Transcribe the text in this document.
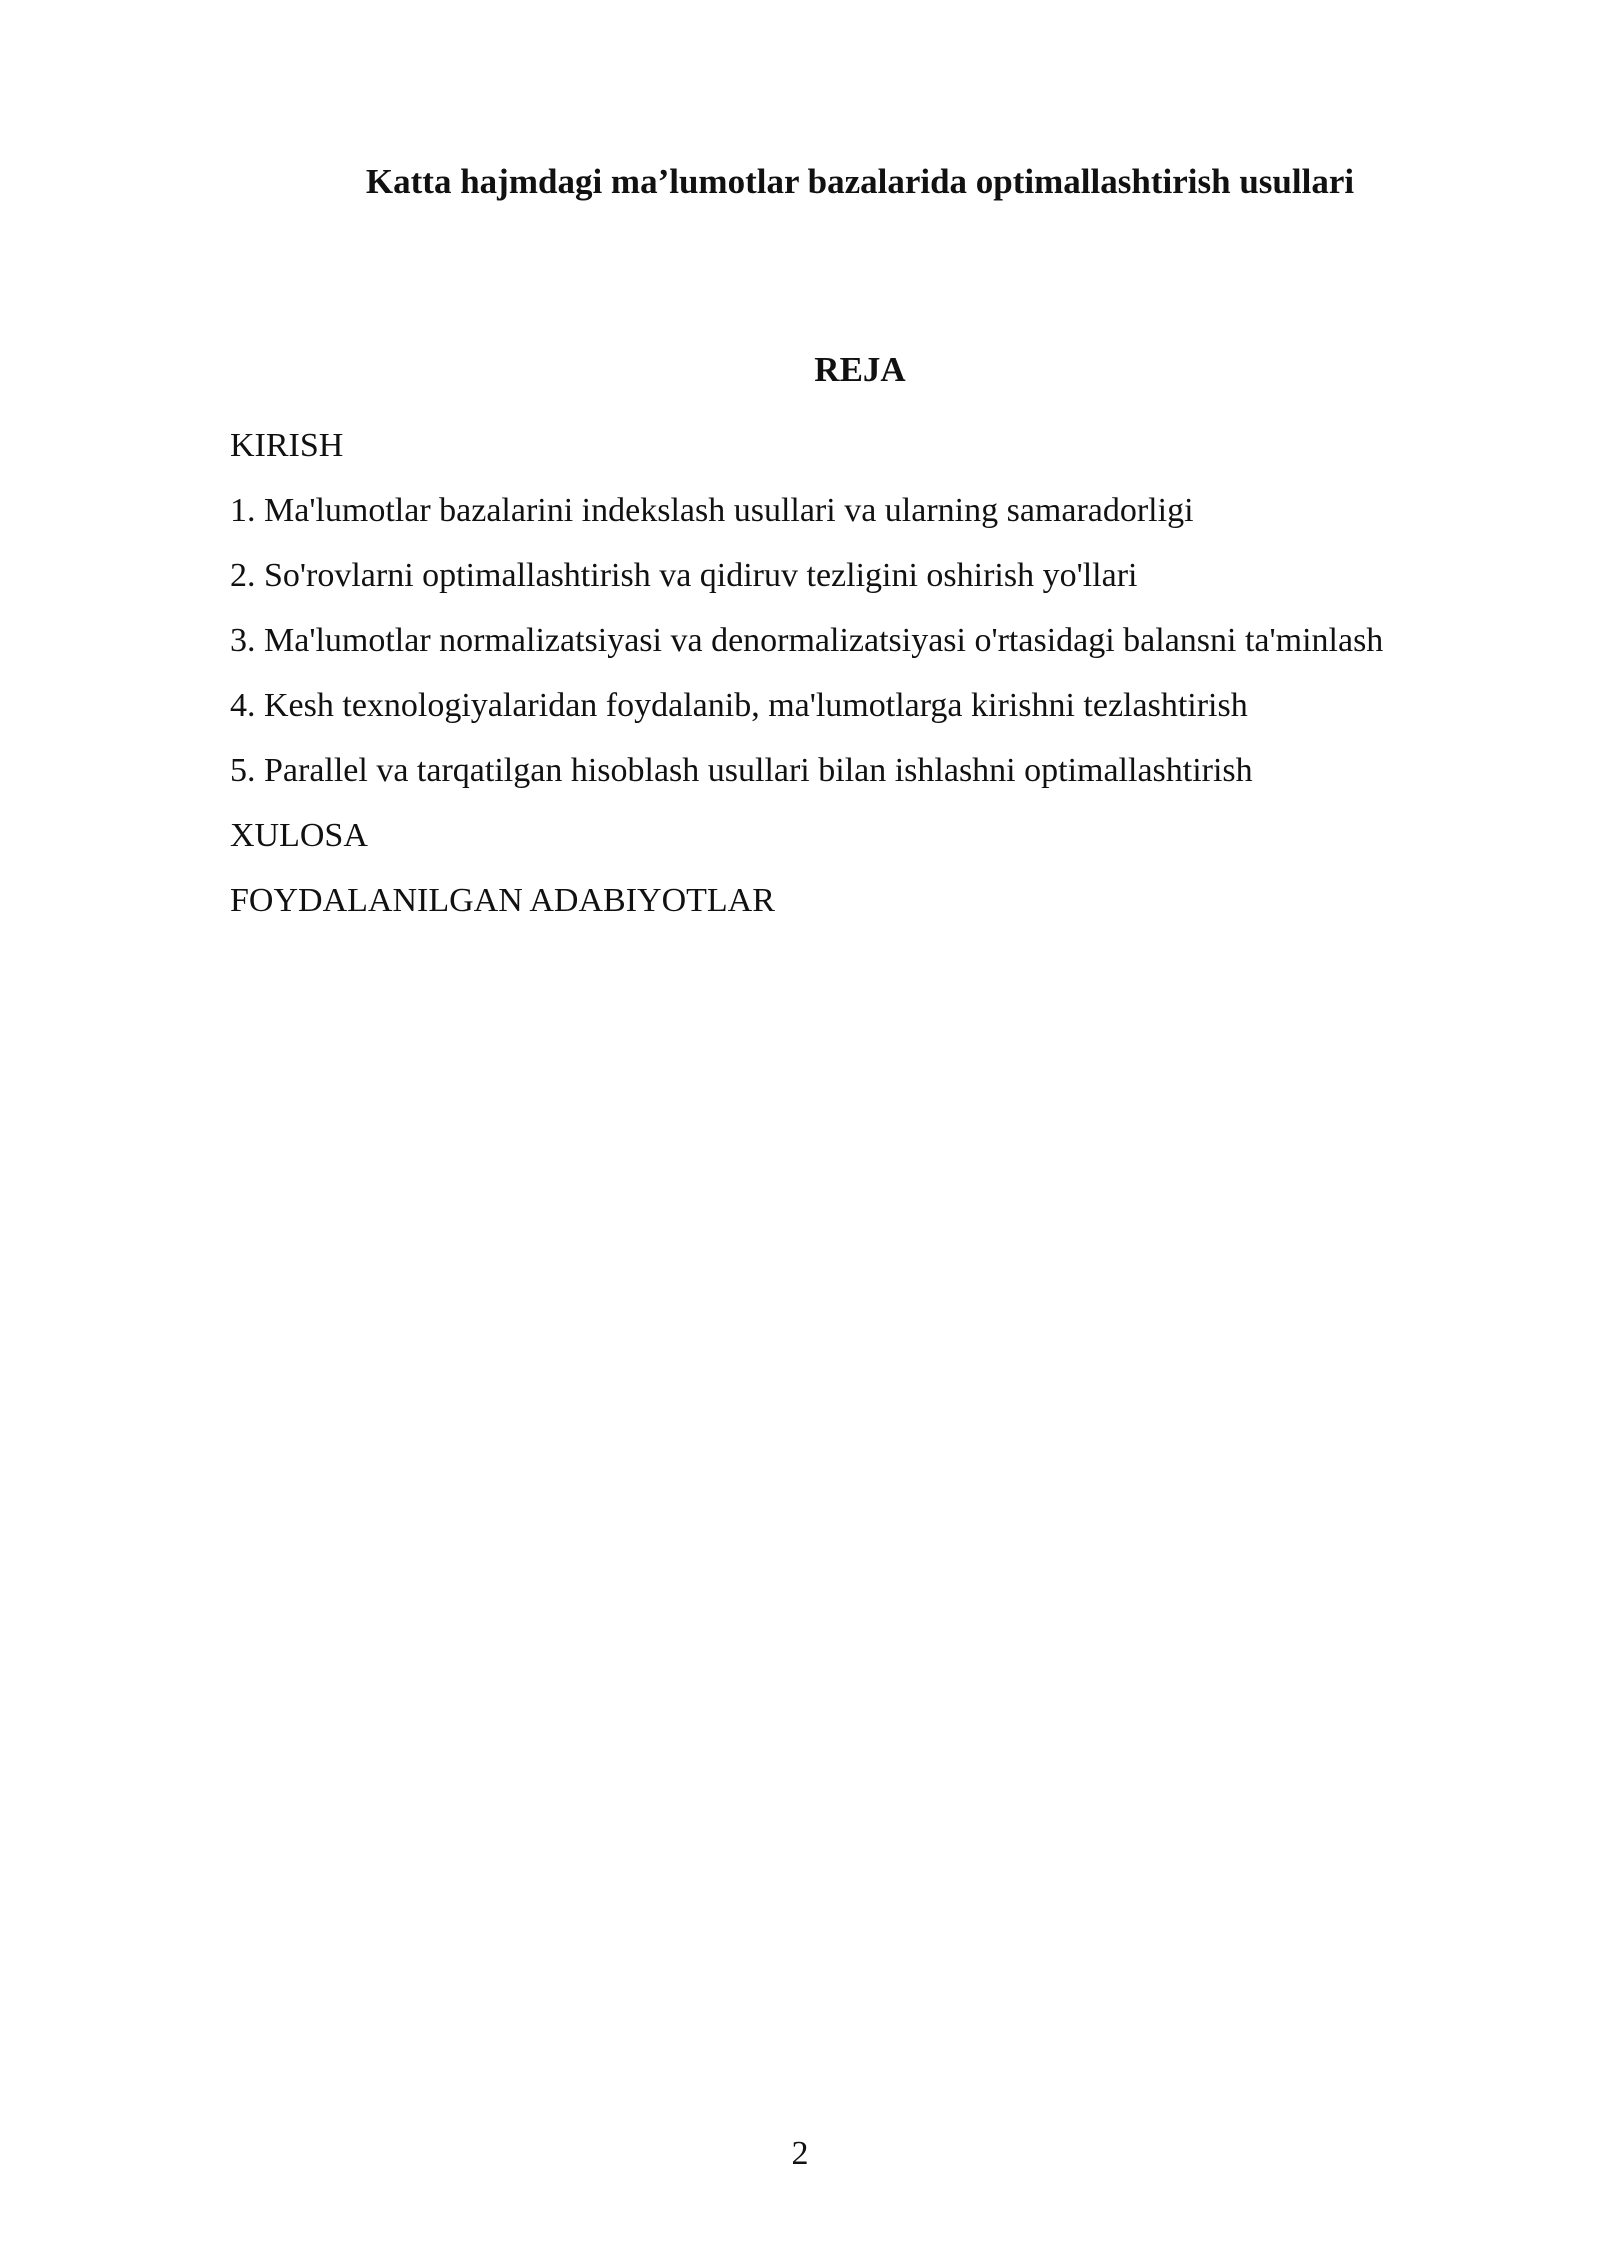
Katta hajmdagi ma’lumotlar bazalarida optimallashtirish usullari
REJA
KIRISH
1. Ma'lumotlar bazalarini indekslash usullari va ularning samaradorligi
2. So'rovlarni optimallashtirish va qidiruv tezligini oshirish yo'llari
3. Ma'lumotlar normalizatsiyasi va denormalizatsiyasi o'rtasidagi balansni ta'minlash
4. Kesh texnologiyalaridan foydalanib, ma'lumotlarga kirishni tezlashtirish
5. Parallel va tarqatilgan hisoblash usullari bilan ishlashni optimallashtirish
XULOSA
FOYDALANILGAN ADABIYOTLAR

2
